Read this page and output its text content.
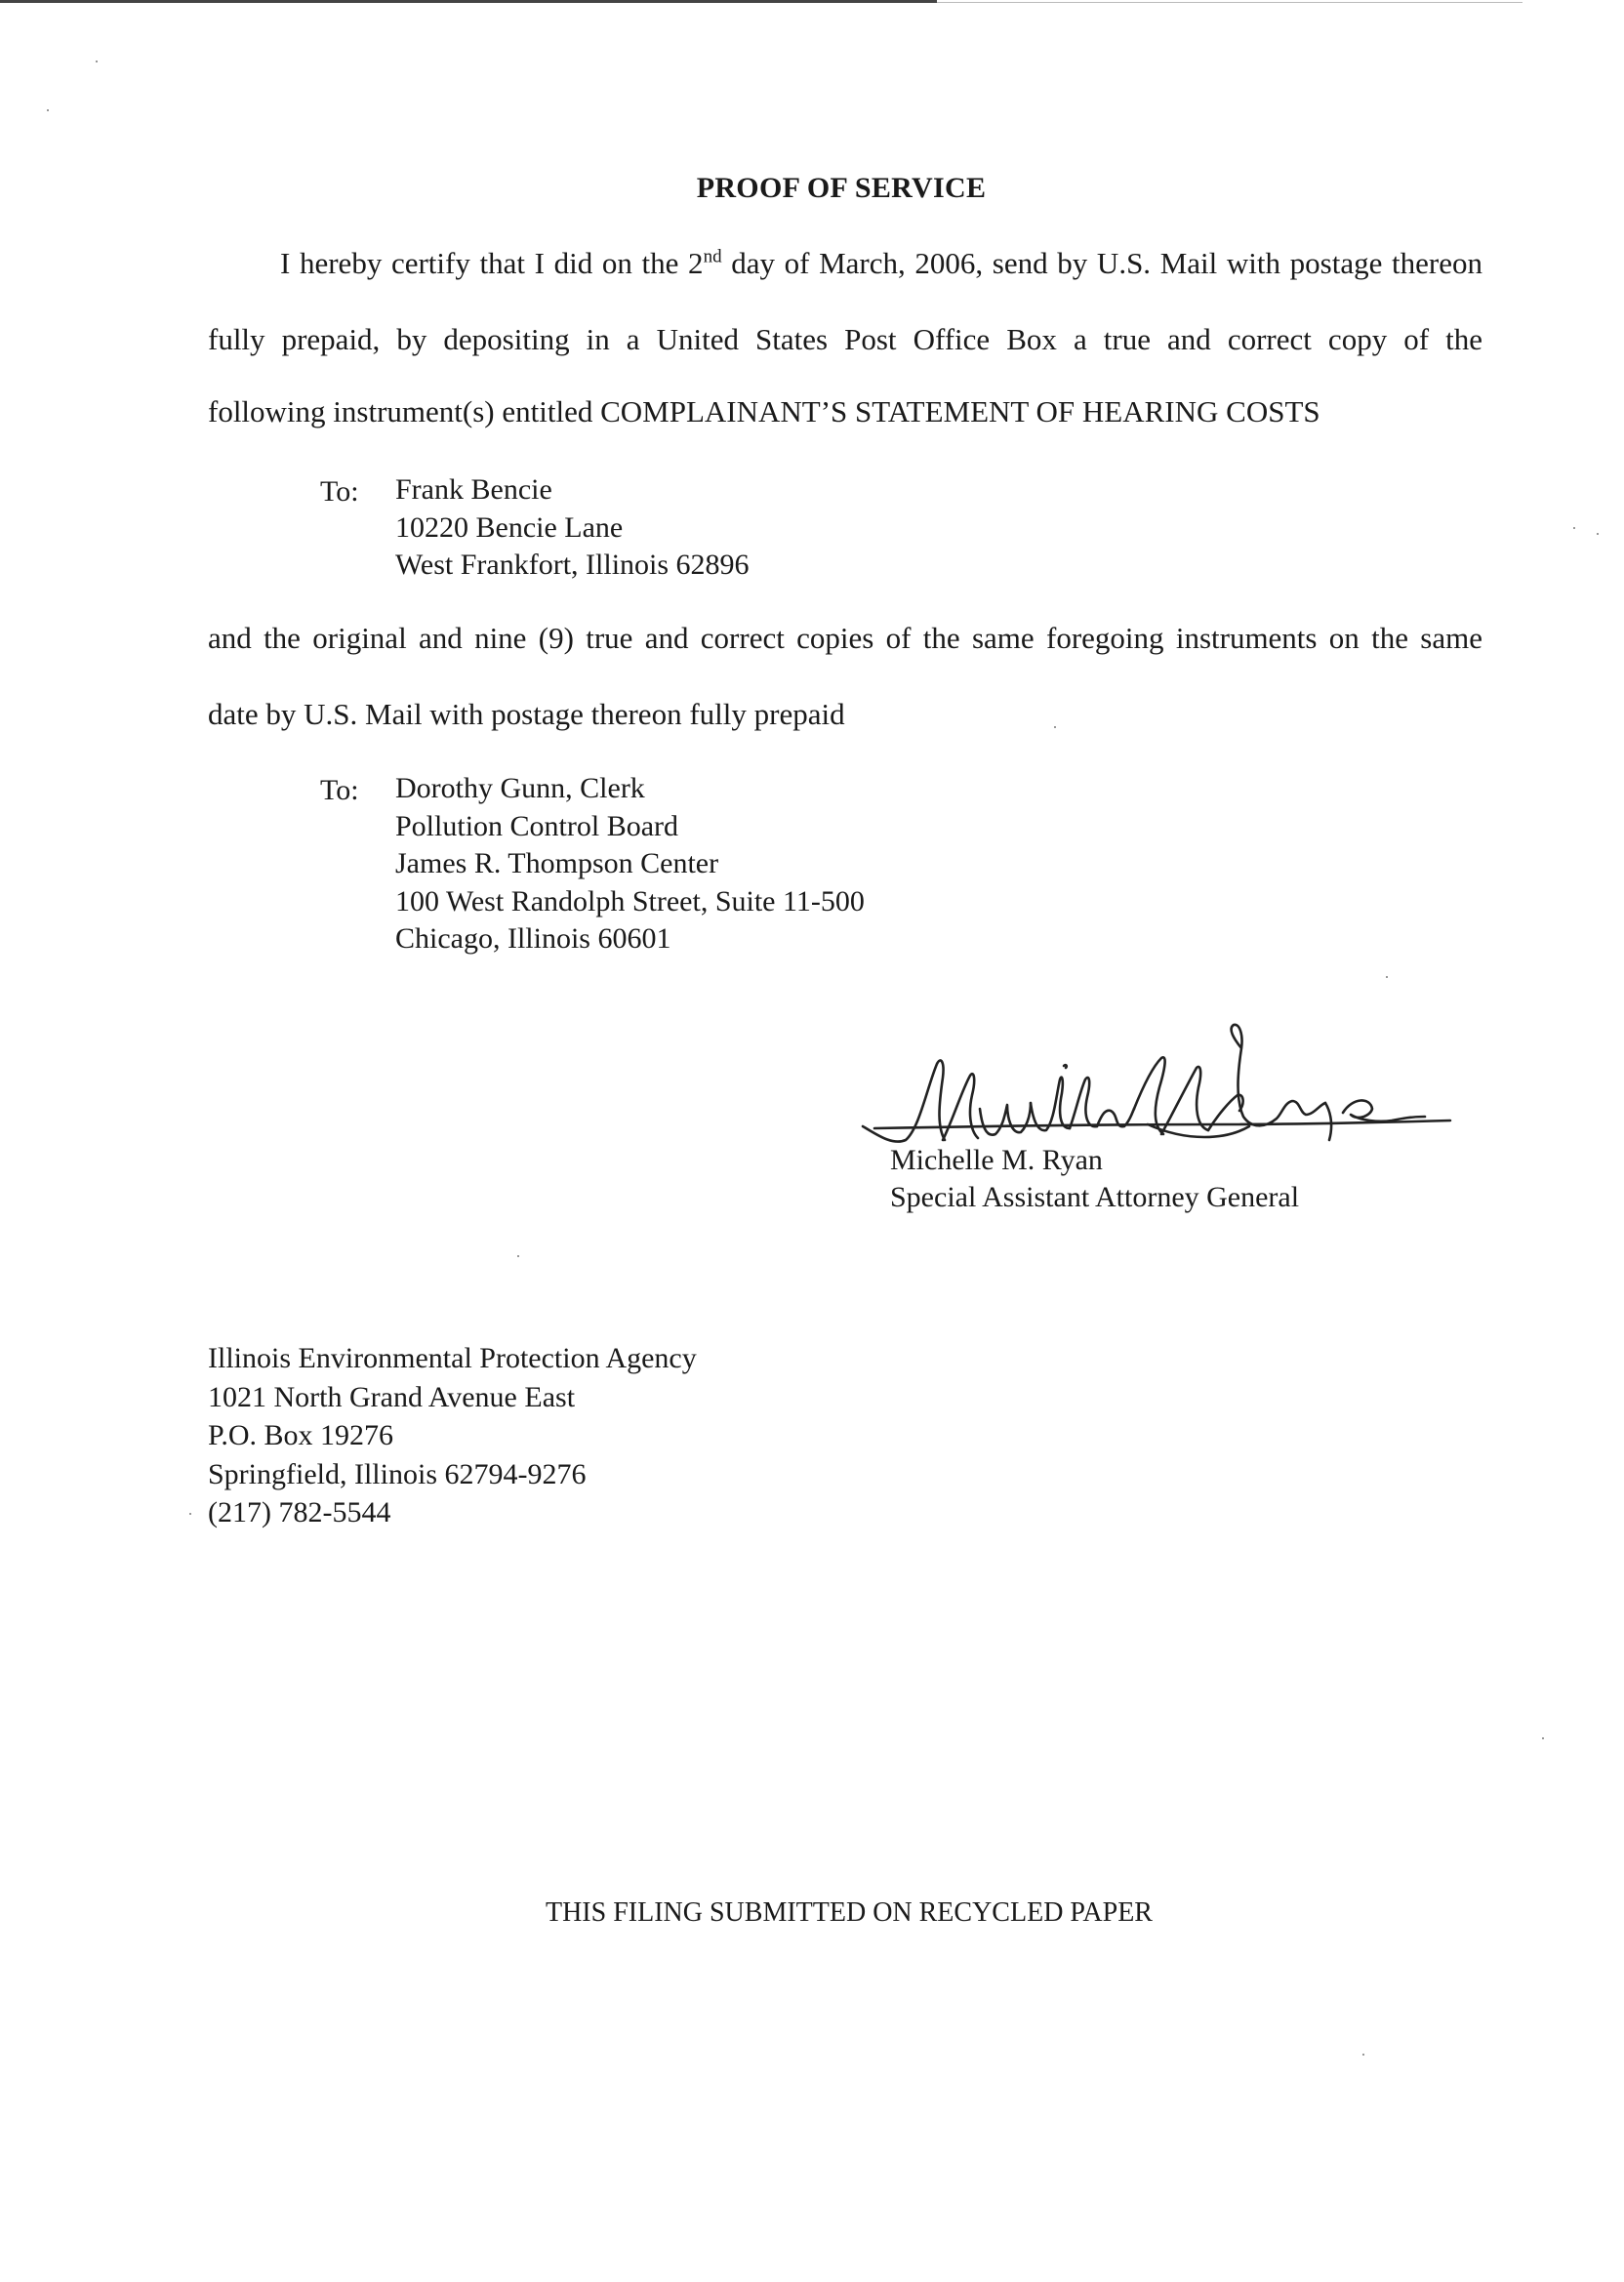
PROOF OF SERVICE
I hereby certify that I did on the 2nd day of March, 2006, send by U.S. Mail with postage thereon
fully prepaid, by depositing in a United States Post Office Box a true and correct copy of the
following instrument(s) entitled COMPLAINANT’S STATEMENT OF HEARING COSTS
To: Frank Bencie
10220 Bencie Lane
West Frankfort, Illinois 62896
and the original and nine (9) true and correct copies of the same foregoing instruments on the same
date by U.S. Mail with postage thereon fully prepaid
To: Dorothy Gunn, Clerk
Pollution Control Board
James R. Thompson Center
100 West Randolph Street, Suite 11-500
Chicago, Illinois 60601
Michelle M. Ryan
Special Assistant Attorney General
Illinois Environmental Protection Agency
1021 North Grand Avenue East
P.O. Box 19276
Springfield, Illinois 62794-9276
(217) 782-5544
THIS FILING SUBMITTED ON RECYCLED PAPER
